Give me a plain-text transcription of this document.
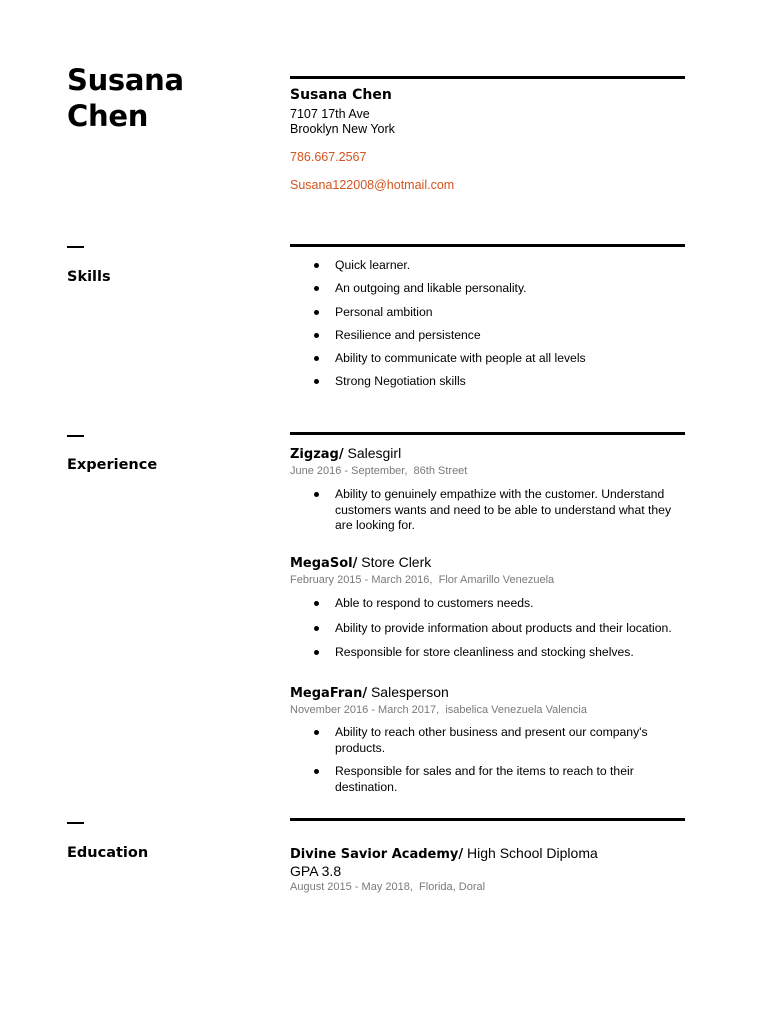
Susana
Chen
Susana Chen
7107 17th Ave
Brooklyn New York
786.667.2567
Susana122008@hotmail.com
Skills
Quick learner.
An outgoing and likable personality.
Personal ambition
Resilience and persistence
Ability to communicate with people at all levels
Strong Negotiation skills
Experience
Zigzag/ Salesgirl
June 2016 - September, 86th Street
Ability to genuinely empathize with the customer. Understand customers wants and need to be able to understand what they are looking for.
MegaSol/ Store Clerk
February 2015 - March 2016, Flor Amarillo Venezuela
Able to respond to customers needs.
Ability to provide information about products and their location.
Responsible for store cleanliness and stocking shelves.
MegaFran/ Salesperson
November 2016 - March 2017, isabelica Venezuela Valencia
Ability to reach other business and present our company's products.
Responsible for sales and for the items to reach to their destination.
Education	Divine Savior Academy/ High School Diploma
GPA 3.8
August 2015 - May 2018, Florida, Doral
